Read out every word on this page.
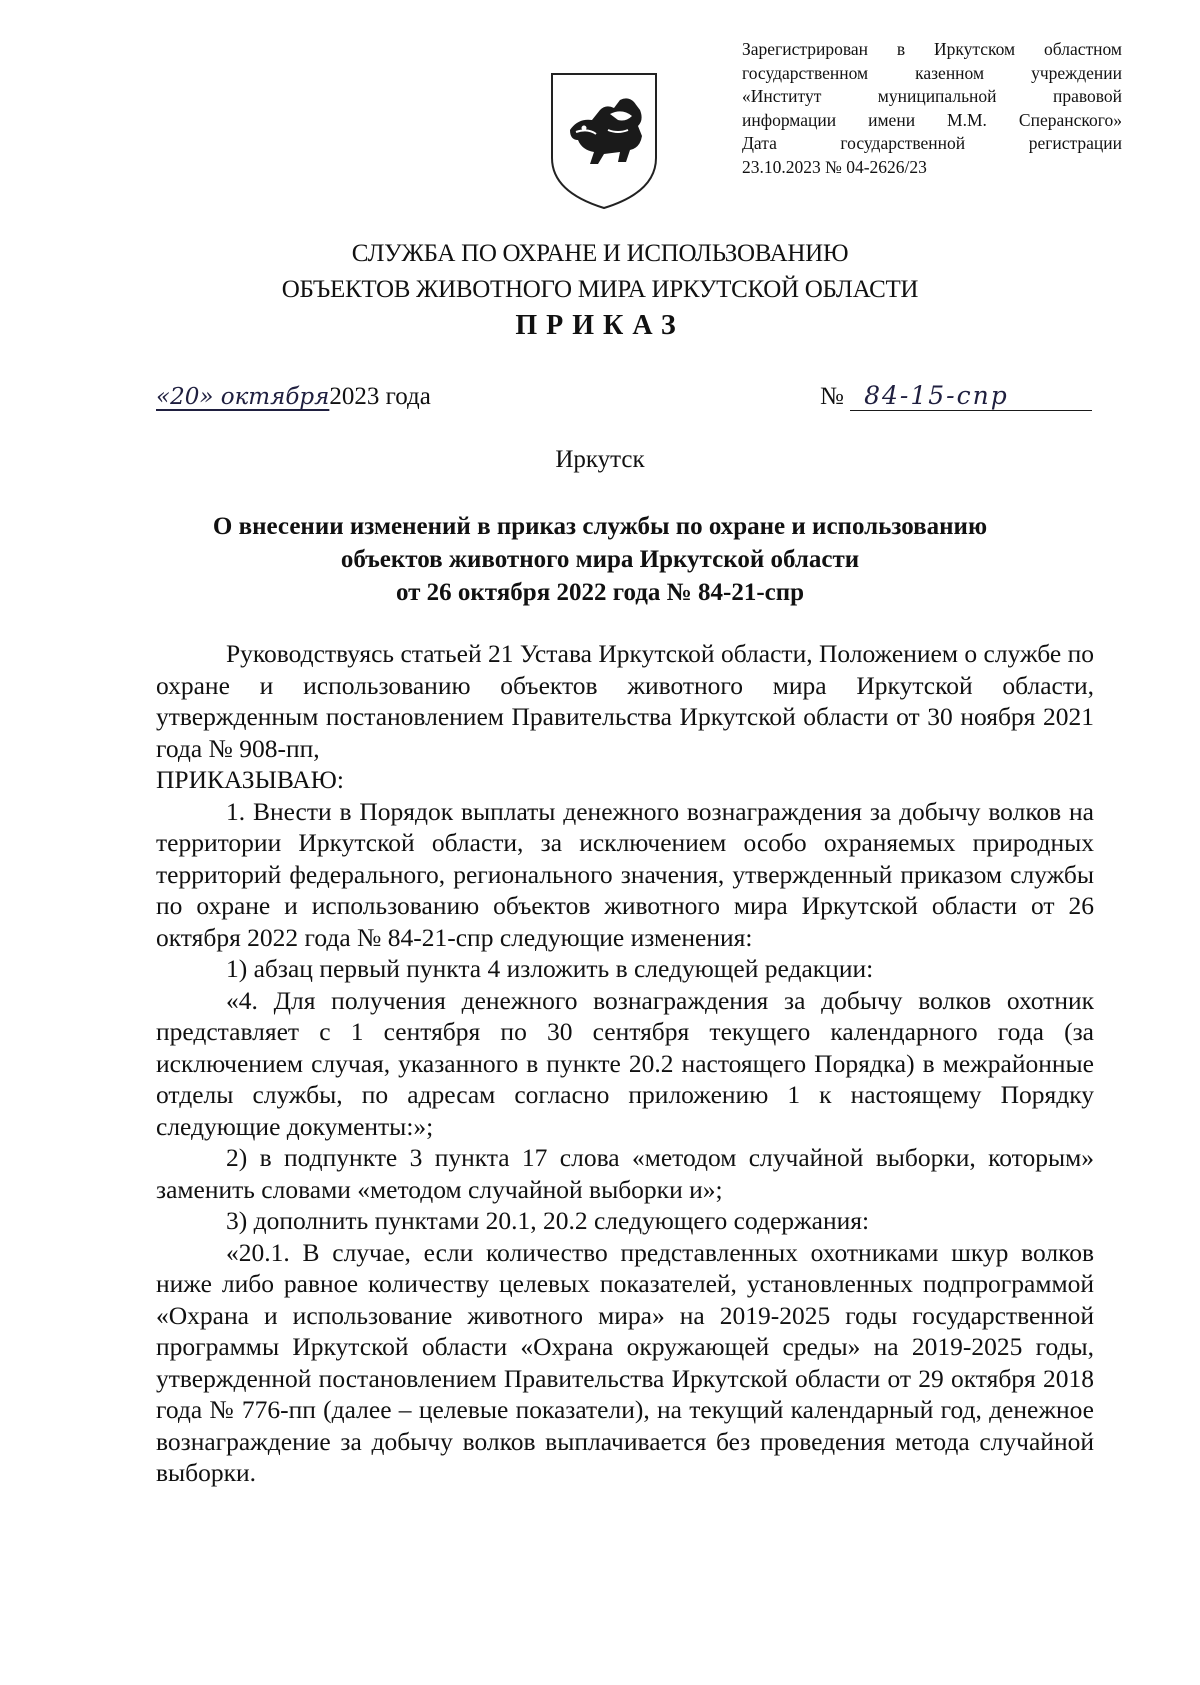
Зарегистрирован в Иркутском областном
государственном казенном учреждении
«Институт муниципальной правовой
информации имени М.М. Сперанского»
Дата государственной регистрации
23.10.2023 № 04-2626/23
СЛУЖБА ПО ОХРАНЕ И ИСПОЛЬЗОВАНИЮ
ОБЪЕКТОВ ЖИВОТНОГО МИРА ИРКУТСКОЙ ОБЛАСТИ
ПРИКАЗ
«20» октября2023 года	№ 84-15-спр
Иркутск
О внесении изменений в приказ службы по охране и использованию
объектов животного мира Иркутской области
от 26 октября 2022 года № 84-21-спр

Руководствуясь статьей 21 Устава Иркутской области, Положением о службе по охране и использованию объектов животного мира Иркутской области, утвержденным постановлением Правительства Иркутской области от 30 ноября 2021 года № 908-пп,

ПРИКАЗЫВАЮ:

1. Внести в Порядок выплаты денежного вознаграждения за добычу волков на территории Иркутской области, за исключением особо охраняемых природных территорий федерального, регионального значения, утвержденный приказом службы по охране и использованию объектов животного мира Иркутской области от 26 октября 2022 года № 84-21-спр следующие изменения:

1) абзац первый пункта 4 изложить в следующей редакции:

«4. Для получения денежного вознаграждения за добычу волков охотник представляет с 1 сентября по 30 сентября текущего календарного года (за исключением случая, указанного в пункте 20.2 настоящего Порядка) в межрайонные отделы службы, по адресам согласно приложению 1 к настоящему Порядку следующие документы:»;

2) в подпункте 3 пункта 17 слова «методом случайной выборки, которым» заменить словами «методом случайной выборки и»;

3) дополнить пунктами 20.1, 20.2 следующего содержания:

«20.1. В случае, если количество представленных охотниками шкур волков ниже либо равное количеству целевых показателей, установленных подпрограммой «Охрана и использование животного мира» на 2019-2025 годы государственной программы Иркутской области «Охрана окружающей среды» на 2019-2025 годы, утвержденной постановлением Правительства Иркутской области от 29 октября 2018 года № 776-пп (далее – целевые показатели), на текущий календарный год, денежное вознаграждение за добычу волков выплачивается без проведения метода случайной выборки.
